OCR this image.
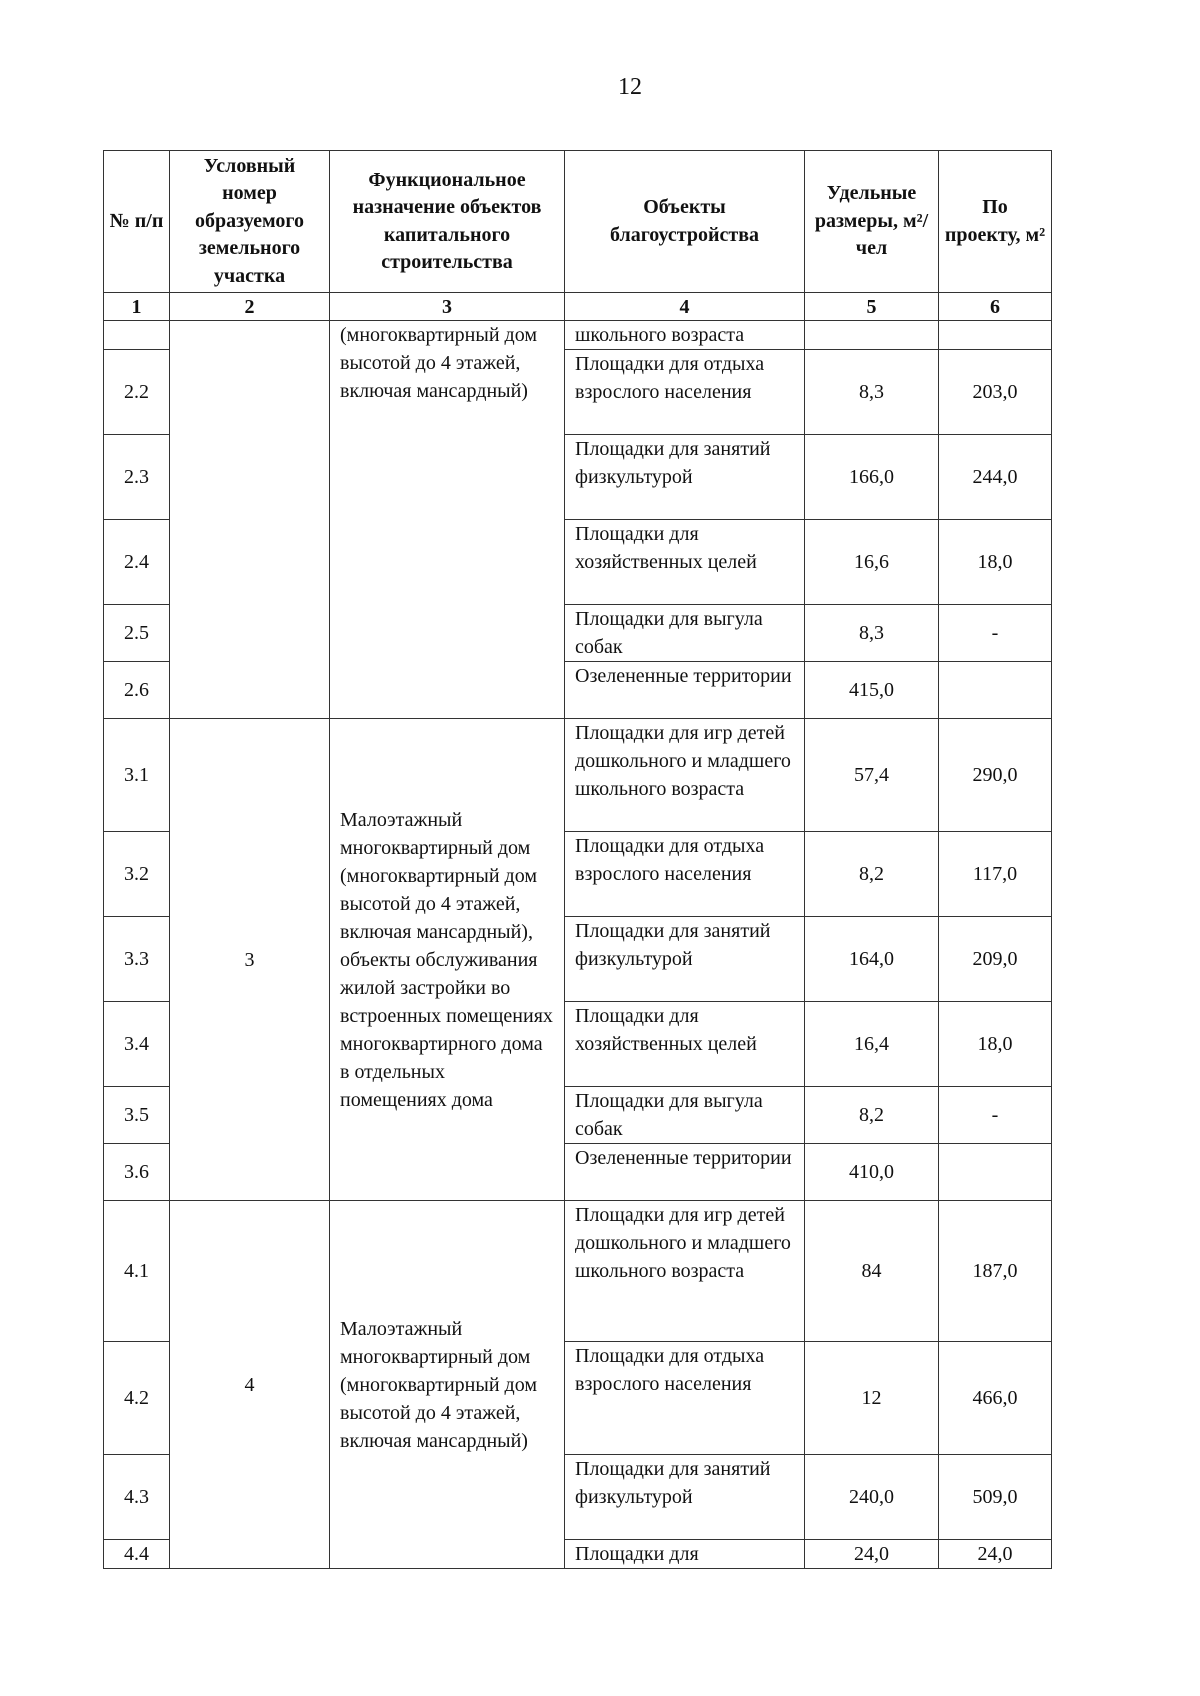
12
№ п/п	Условный номер образуемого земельного участка	Функциональное назначение объектов капитального строительства	Объекты благоустройства	Удельные размеры, м²/чел	По проекту, м²
1	2	3	4	5	6
		(многоквартирный дом высотой до 4 этажей, включая мансардный)	школьного возраста		
2.2			Площадки для отдыха взрослого населения	8,3	203,0
2.3			Площадки для занятий физкультурой	166,0	244,0
2.4			Площадки для хозяйственных целей	16,6	18,0
2.5			Площадки для выгула собак	8,3	-
2.6			Озелененные территории	415,0	
3.1	3	Малоэтажный многоквартирный дом (многоквартирный дом высотой до 4 этажей, включая мансардный), объекты обслуживания жилой застройки во встроенных помещениях многоквартирного дома в отдельных помещениях дома	Площадки для игр детей дошкольного и младшего школьного возраста	57,4	290,0
3.2			Площадки для отдыха взрослого населения	8,2	117,0
3.3			Площадки для занятий физкультурой	164,0	209,0
3.4			Площадки для хозяйственных целей	16,4	18,0
3.5			Площадки для выгула собак	8,2	-
3.6			Озелененные территории	410,0	
4.1	4	Малоэтажный многоквартирный дом (многоквартирный дом высотой до 4 этажей, включая мансардный)	Площадки для игр детей дошкольного и младшего школьного возраста	84	187,0
4.2			Площадки для отдыха взрослого населения	12	466,0
4.3			Площадки для занятий физкультурой	240,0	509,0
4.4			Площадки для	24,0	24,0
